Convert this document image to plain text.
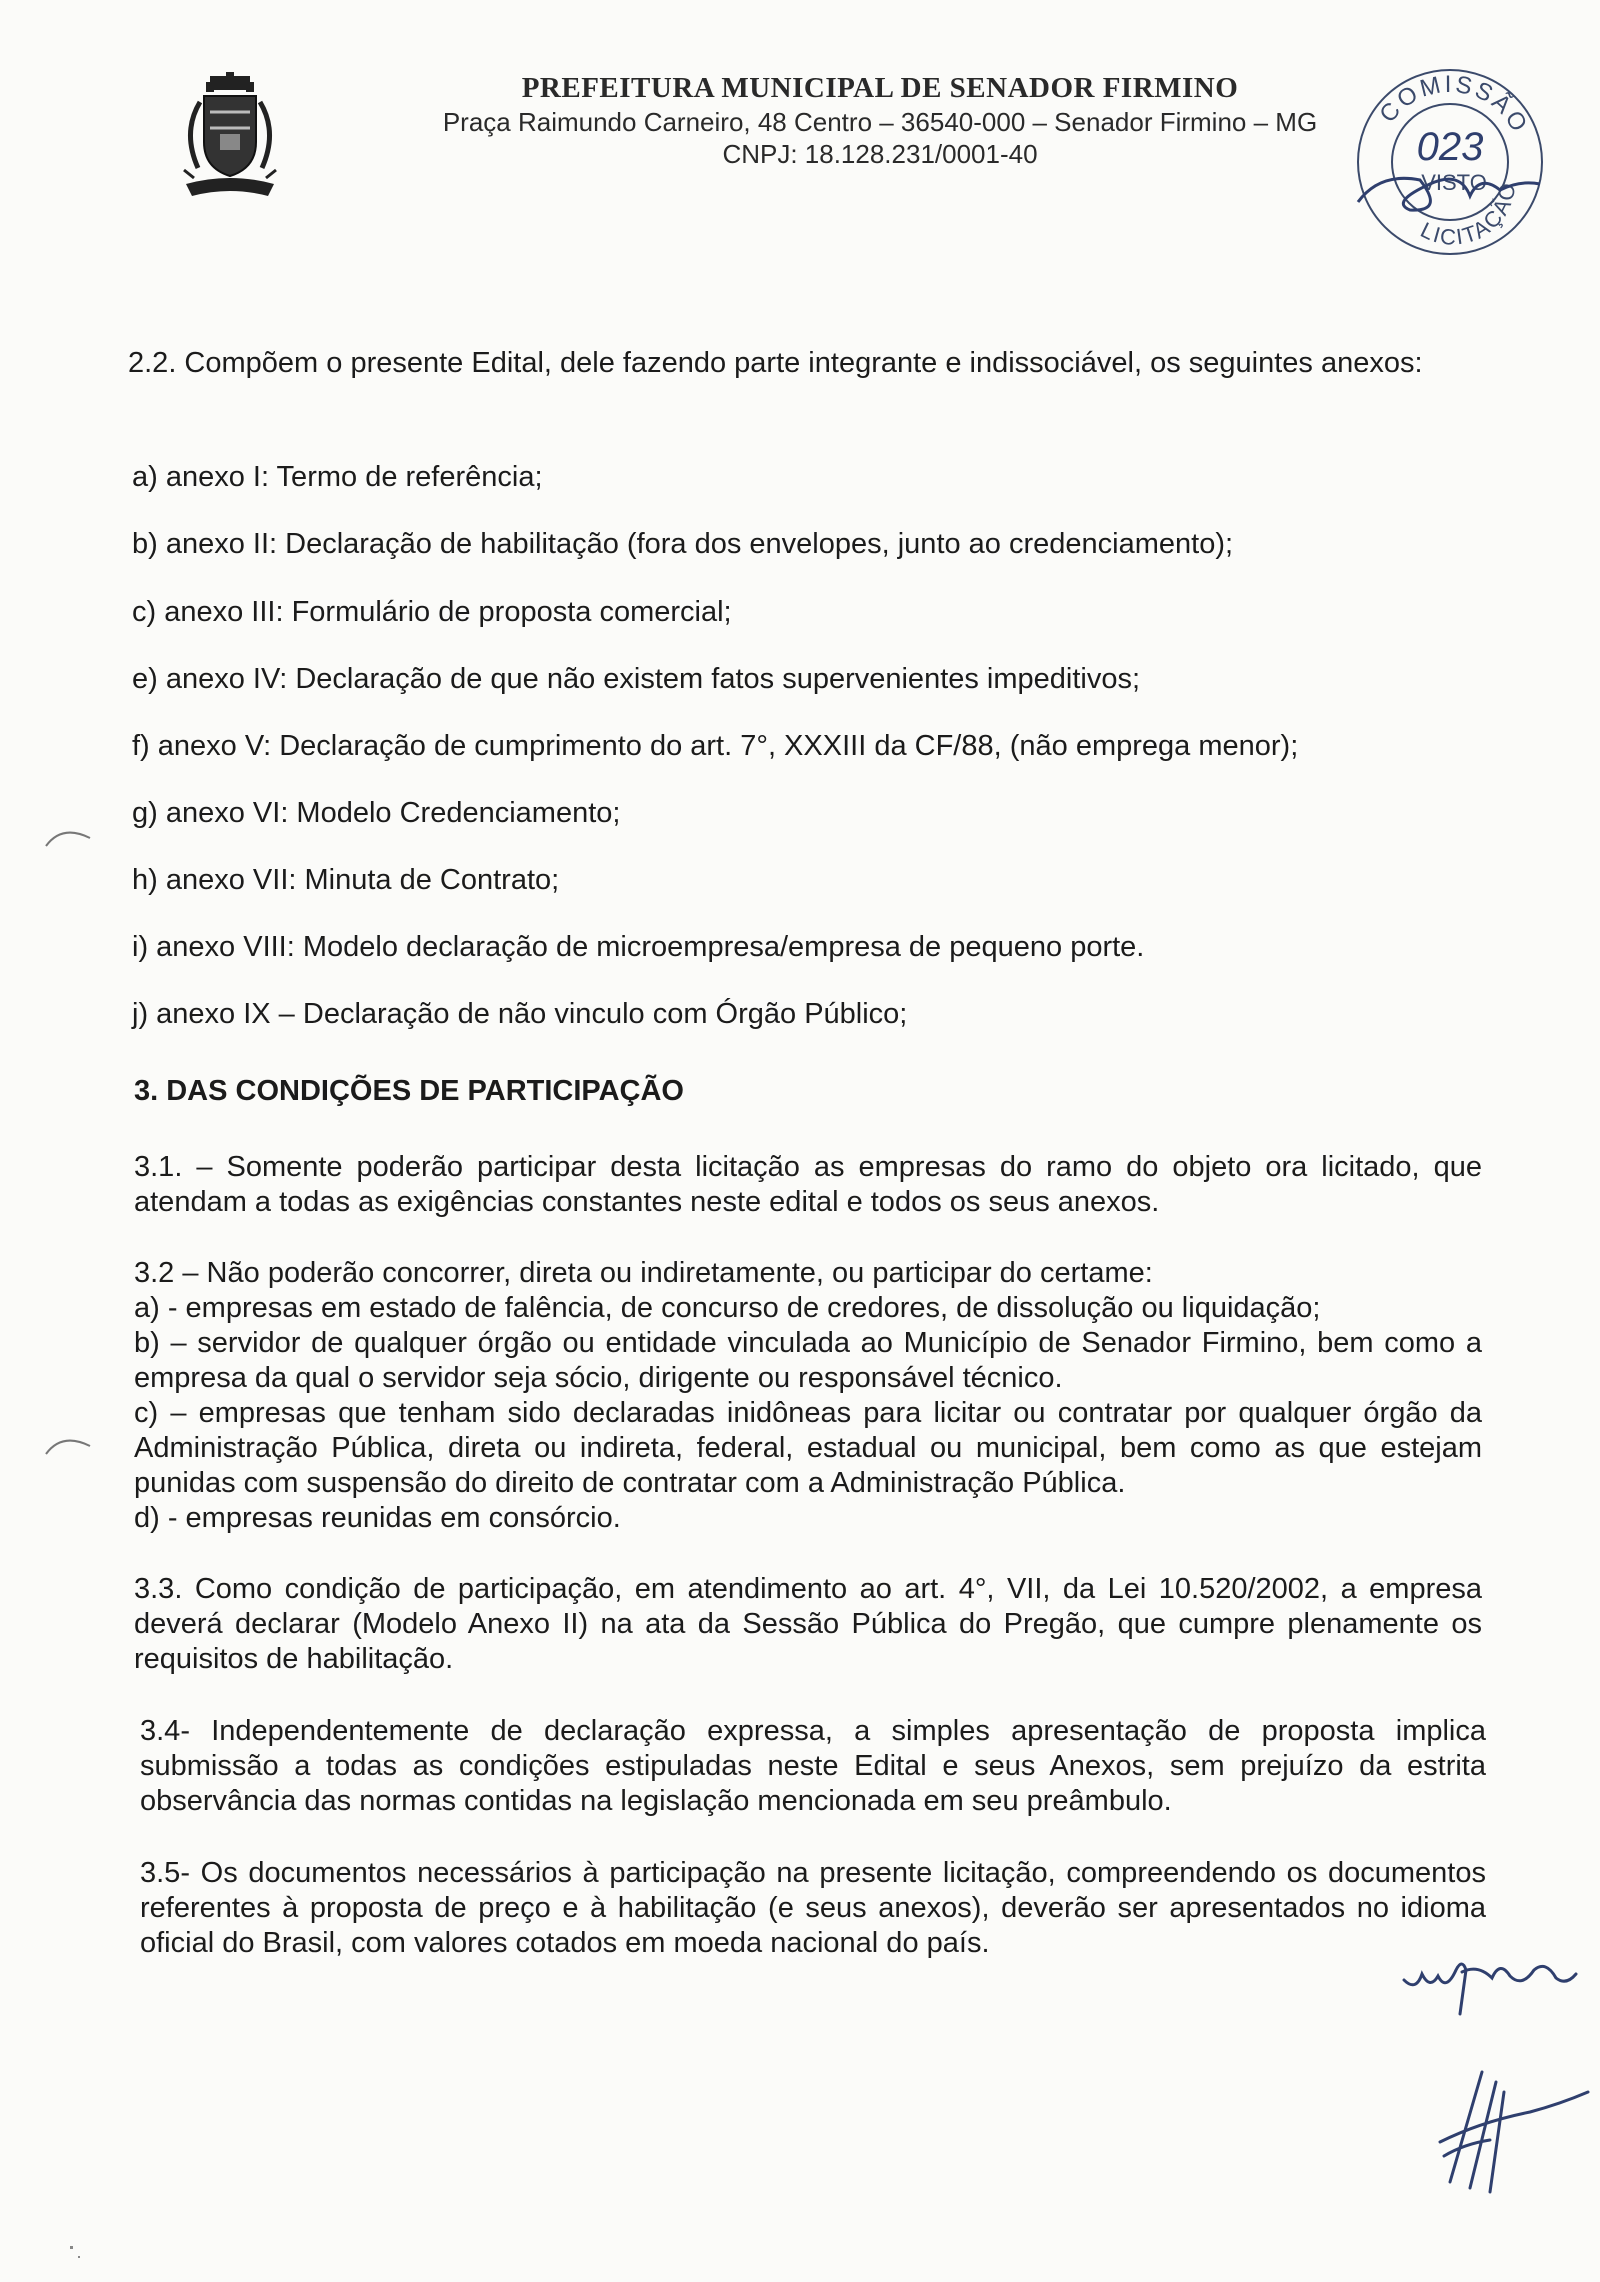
PREFEITURA MUNICIPAL DE SENADOR FIRMINO
Praça Raimundo Carneiro, 48 Centro – 36540-000 – Senador Firmino – MG
CNPJ: 18.128.231/0001-40
COMISSÃO
023
VISTO
LICITAÇÃO
2.2. Compõem o presente Edital, dele fazendo parte integrante e indissociável, os seguintes anexos:
a) anexo I: Termo de referência;
b) anexo II: Declaração de habilitação (fora dos envelopes, junto ao credenciamento);
c) anexo III: Formulário de proposta comercial;
e) anexo IV: Declaração de que não existem fatos supervenientes impeditivos;
f) anexo V: Declaração de cumprimento do art. 7°, XXXIII da CF/88, (não emprega menor);
g) anexo VI: Modelo Credenciamento;
h) anexo VII: Minuta de Contrato;
i) anexo VIII: Modelo declaração de microempresa/empresa de pequeno porte.
j) anexo IX – Declaração de não vinculo com Órgão Público;
3. DAS CONDIÇÕES DE PARTICIPAÇÃO
3.1. – Somente poderão participar desta licitação as empresas do ramo do objeto ora licitado, que atendam a todas as exigências constantes neste edital e todos os seus anexos.
3.2 – Não poderão concorrer, direta ou indiretamente, ou participar do certame:
a) - empresas em estado de falência, de concurso de credores, de dissolução ou liquidação;
b) – servidor de qualquer órgão ou entidade vinculada ao Município de Senador Firmino, bem como a empresa da qual o servidor seja sócio, dirigente ou responsável técnico.
c) – empresas que tenham sido declaradas inidôneas para licitar ou contratar por qualquer órgão da Administração Pública, direta ou indireta, federal, estadual ou municipal, bem como as que estejam punidas com suspensão do direito de contratar com a Administração Pública.
d) - empresas reunidas em consórcio.
3.3. Como condição de participação, em atendimento ao art. 4°, VII, da Lei 10.520/2002, a empresa deverá declarar (Modelo Anexo II) na ata da Sessão Pública do Pregão, que cumpre plenamente os requisitos de habilitação.
3.4- Independentemente de declaração expressa, a simples apresentação de proposta implica submissão a todas as condições estipuladas neste Edital e seus Anexos, sem prejuízo da estrita observância das normas contidas na legislação mencionada em seu preâmbulo.
3.5- Os documentos necessários à participação na presente licitação, compreendendo os documentos referentes à proposta de preço e à habilitação (e seus anexos), deverão ser apresentados no idioma oficial do Brasil, com valores cotados em moeda nacional do país.
